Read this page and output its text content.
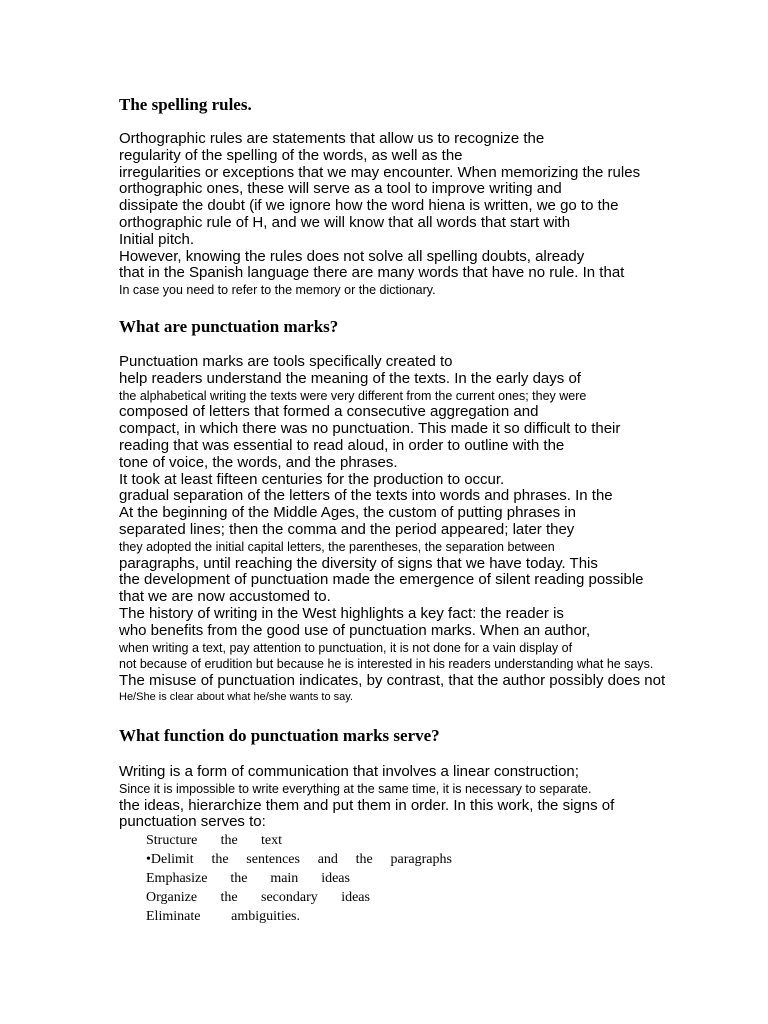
The spelling rules.
Orthographic rules are statements that allow us to recognize the
regularity of the spelling of the words, as well as the
irregularities or exceptions that we may encounter. When memorizing the rules
orthographic ones, these will serve as a tool to improve writing and
dissipate the doubt (if we ignore how the word hiena is written, we go to the
orthographic rule of H, and we will know that all words that start with
Initial pitch.
However, knowing the rules does not solve all spelling doubts, already
that in the Spanish language there are many words that have no rule. In that
In case you need to refer to the memory or the dictionary.
What are punctuation marks?
Punctuation marks are tools specifically created to
help readers understand the meaning of the texts. In the early days of
the alphabetical writing the texts were very different from the current ones; they were
composed of letters that formed a consecutive aggregation and
compact, in which there was no punctuation. This made it so difficult to their
reading that was essential to read aloud, in order to outline with the
tone of voice, the words, and the phrases.
It took at least fifteen centuries for the production to occur.
gradual separation of the letters of the texts into words and phrases. In the
At the beginning of the Middle Ages, the custom of putting phrases in
separated lines; then the comma and the period appeared; later they
they adopted the initial capital letters, the parentheses, the separation between
paragraphs, until reaching the diversity of signs that we have today. This
the development of punctuation made the emergence of silent reading possible
that we are now accustomed to.
The history of writing in the West highlights a key fact: the reader is
who benefits from the good use of punctuation marks. When an author,
when writing a text, pay attention to punctuation, it is not done for a vain display of
not because of erudition but because he is interested in his readers understanding what he says.
The misuse of punctuation indicates, by contrast, that the author possibly does not
He/She is clear about what he/she wants to say.
What function do punctuation marks serve?
Writing is a form of communication that involves a linear construction;
Since it is impossible to write everything at the same time, it is necessary to separate.
the ideas, hierarchize them and put them in order. In this work, the signs of
punctuation serves to:
Structure the text
•Delimit the sentences and the paragraphs
Emphasize the main ideas
Organize the secondary ideas
Eliminate ambiguities.
